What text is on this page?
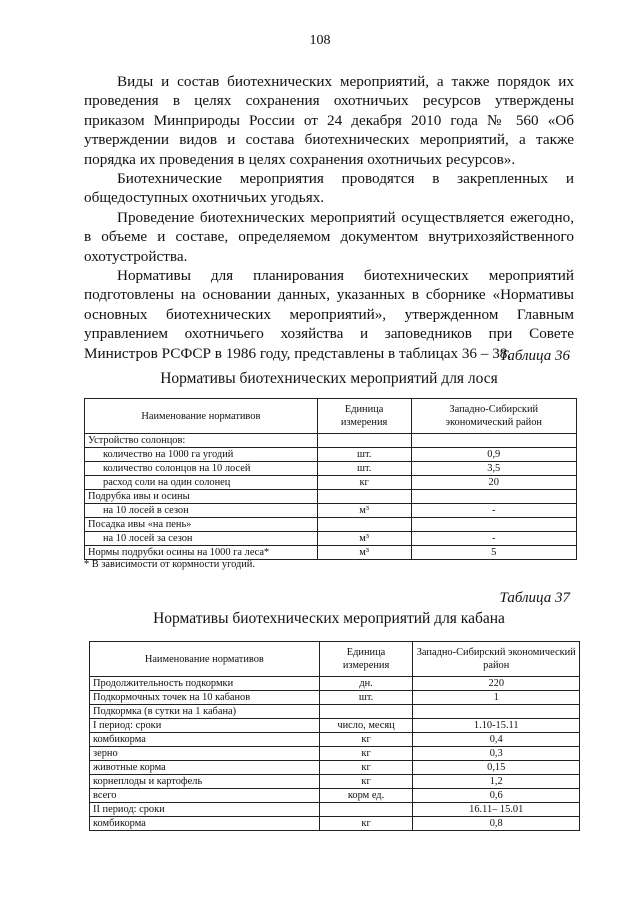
108

Виды и состав биотехнических мероприятий, а также порядок их проведения в целях сохранения охотничьих ресурсов утверждены приказом Минприроды России от 24 декабря 2010 года № 560 «Об утверждении видов и состава биотехнических мероприятий, а также порядка их проведения в целях сохранения охотничьих ресурсов».

Биотехнические мероприятия проводятся в закрепленных и общедоступных охотничьих угодьях.

Проведение биотехнических мероприятий осуществляется ежегодно, в объеме и составе, определяемом документом внутрихозяйственного охотустройства.

Нормативы для планирования биотехнических мероприятий подготовлены на основании данных, указанных в сборнике «Нормативы основных биотехнических мероприятий», утвержденном Главным управлением охотничьего хозяйства и заповедников при Совете Министров РСФСР в 1986 году, представлены в таблицах 36 – 38.

Таблица 36
Нормативы биотехнических мероприятий для лося
Наименование нормативов	Единица измерения	Западно-Сибирский экономический район
Устройство солонцов:		
количество на 1000 га угодий	шт.	0,9
количество солонцов на 10 лосей	шт.	3,5
расход соли на один солонец	кг	20
Подрубка ивы и осины		
на 10 лосей в сезон	м³	-
Посадка ивы «на пень»		
на 10 лосей за сезон	м³	-
Нормы подрубки осины на 1000 га леса*	м³	5
* В зависимости от кормности угодий.
Таблица 37
Нормативы биотехнических мероприятий для кабана
Наименование нормативов	Единица измерения	Западно-Сибирский экономический район
Продолжительность подкормки	дн.	220
Подкормочных точек на 10 кабанов	шт.	1
Подкормка (в сутки на 1 кабана)		
I период: сроки	число, месяц	1.10-15.11
комбикорма	кг	0,4
зерно	кг	0,3
животные корма	кг	0,15
корнеплоды и картофель	кг	1,2
всего	корм ед.	0,6
II период: сроки		16.11– 15.01
комбикорма	кг	0,8
